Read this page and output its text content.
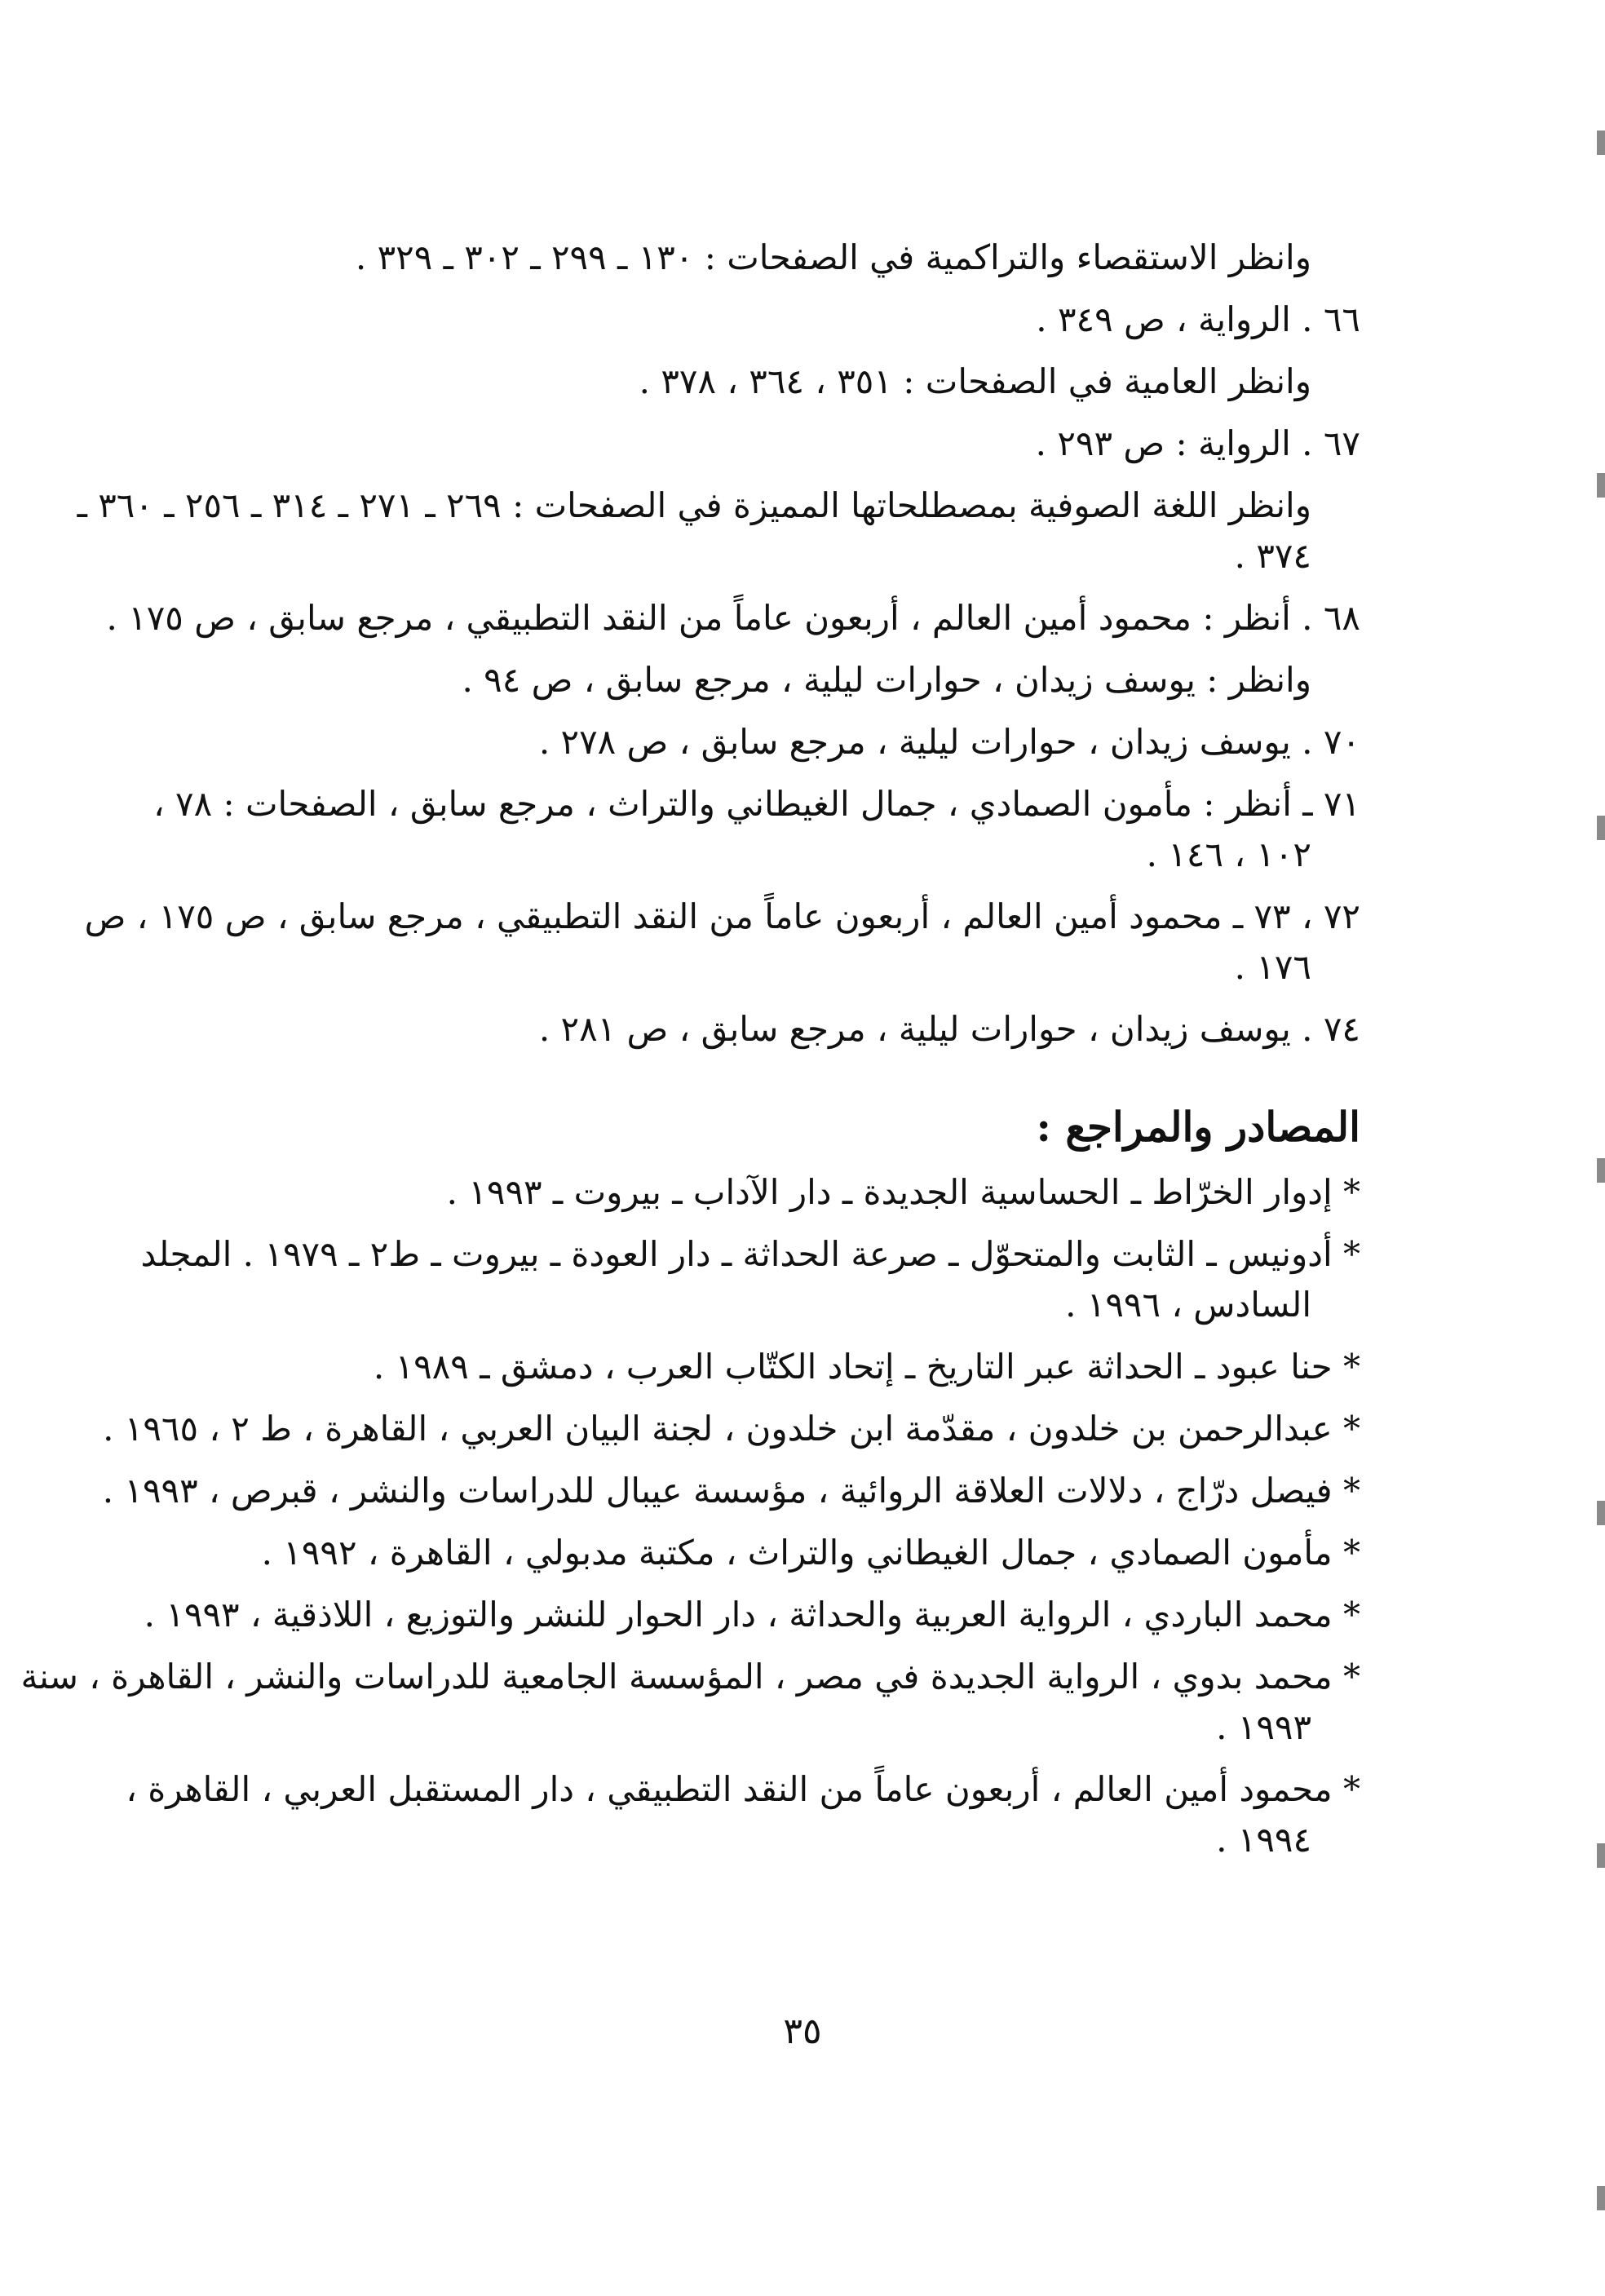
وانظر الاستقصاء والتراكمية في الصفحات : ١٣٠ ـ ٢٩٩ ـ ٣٠٢ ـ ٣٢٩ .
٦٦ . الرواية ، ص ٣٤٩ .
وانظر العامية في الصفحات : ٣٥١ ، ٣٦٤ ، ٣٧٨ .
٦٧ . الرواية : ص ٢٩٣ .
وانظر اللغة الصوفية بمصطلحاتها المميزة في الصفحات : ٢٦٩ ـ ٢٧١ ـ ٣١٤ ـ ٢٥٦ ـ ٣٦٠ ـ
٣٧٤ .
٦٨ . أنظر : محمود أمين العالم ، أربعون عاماً من النقد التطبيقي ، مرجع سابق ، ص ١٧٥ .
وانظر : يوسف زيدان ، حوارات ليلية ، مرجع سابق ، ص ٩٤ .
٧٠ . يوسف زيدان ، حوارات ليلية ، مرجع سابق ، ص ٢٧٨ .
٧١ ـ أنظر : مأمون الصمادي ، جمال الغيطاني والتراث ، مرجع سابق ، الصفحات : ٧٨ ،
١٠٢ ، ١٤٦ .
٧٢ ، ٧٣ ـ محمود أمين العالم ، أربعون عاماً من النقد التطبيقي ، مرجع سابق ، ص ١٧٥ ، ص
١٧٦ .
٧٤ . يوسف زيدان ، حوارات ليلية ، مرجع سابق ، ص ٢٨١ .
المصادر والمراجع :
* إدوار الخرّاط ـ الحساسية الجديدة ـ دار الآداب ـ بيروت ـ ١٩٩٣ .
* أدونيس ـ الثابت والمتحوّل ـ صرعة الحداثة ـ دار العودة ـ بيروت ـ ط٢ ـ ١٩٧٩ . المجلد
السادس ، ١٩٩٦ .
* حنا عبود ـ الحداثة عبر التاريخ ـ إتحاد الكتّاب العرب ، دمشق ـ ١٩٨٩ .
* عبدالرحمن بن خلدون ، مقدّمة ابن خلدون ، لجنة البيان العربي ، القاهرة ، ط ٢ ، ١٩٦٥ .
* فيصل درّاج ، دلالات العلاقة الروائية ، مؤسسة عيبال للدراسات والنشر ، قبرص ، ١٩٩٣ .
* مأمون الصمادي ، جمال الغيطاني والتراث ، مكتبة مدبولي ، القاهرة ، ١٩٩٢ .
* محمد الباردي ، الرواية العربية والحداثة ، دار الحوار للنشر والتوزيع ، اللاذقية ، ١٩٩٣ .
* محمد بدوي ، الرواية الجديدة في مصر ، المؤسسة الجامعية للدراسات والنشر ، القاهرة ، سنة
١٩٩٣ .
* محمود أمين العالم ، أربعون عاماً من النقد التطبيقي ، دار المستقبل العربي ، القاهرة ،
١٩٩٤ .
٣٥
